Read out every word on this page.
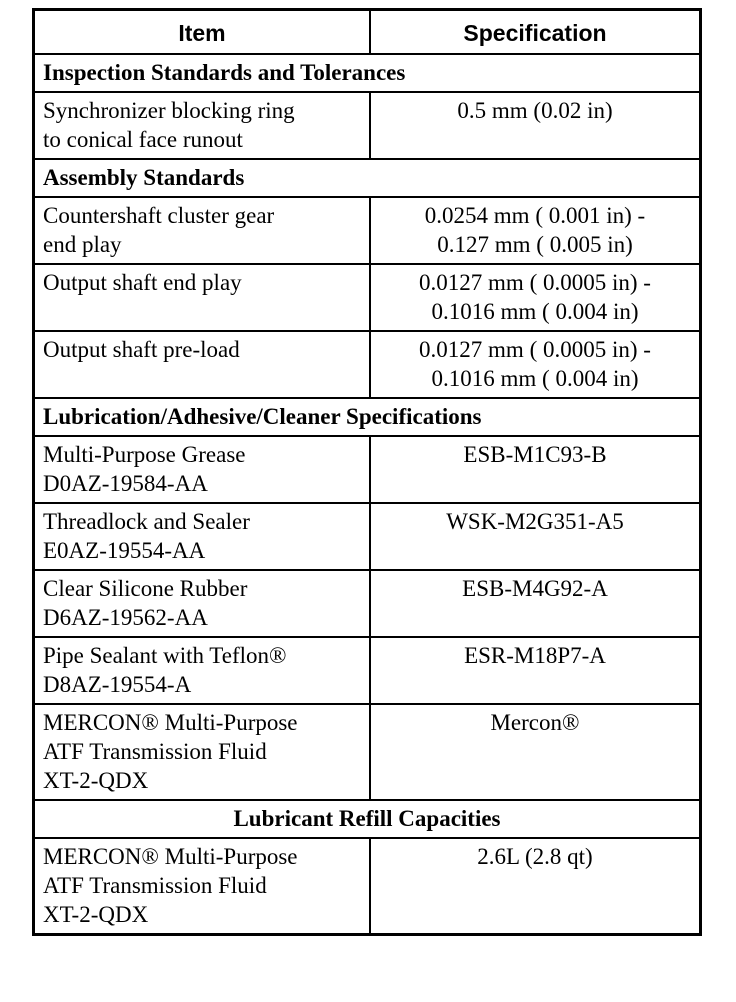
Item	Specification
Inspection Standards and Tolerances	

Synchronizer blocking ring
to conical face runout	0.5 mm (0.02 in)

Assembly Standards	

Countershaft cluster gear
end play	0.0254 mm ( 0.001 in) -
0.127 mm ( 0.005 in)

Output shaft end play	0.0127 mm ( 0.0005 in) -
0.1016 mm ( 0.004 in)

Output shaft pre-load	0.0127 mm ( 0.0005 in) -
0.1016 mm ( 0.004 in)

Lubrication/Adhesive/Cleaner Specifications	

Multi-Purpose Grease
D0AZ-19584-AA	ESB-M1C93-B

Threadlock and Sealer
E0AZ-19554-AA	WSK-M2G351-A5

Clear Silicone Rubber
D6AZ-19562-AA	ESB-M4G92-A

Pipe Sealant with Teflon®
D8AZ-19554-A	ESR-M18P7-A

MERCON® Multi-Purpose
ATF Transmission Fluid
XT-2-QDX	Mercon®

Lubricant Refill Capacities	

MERCON® Multi-Purpose
ATF Transmission Fluid
XT-2-QDX	2.6L (2.8 qt)
